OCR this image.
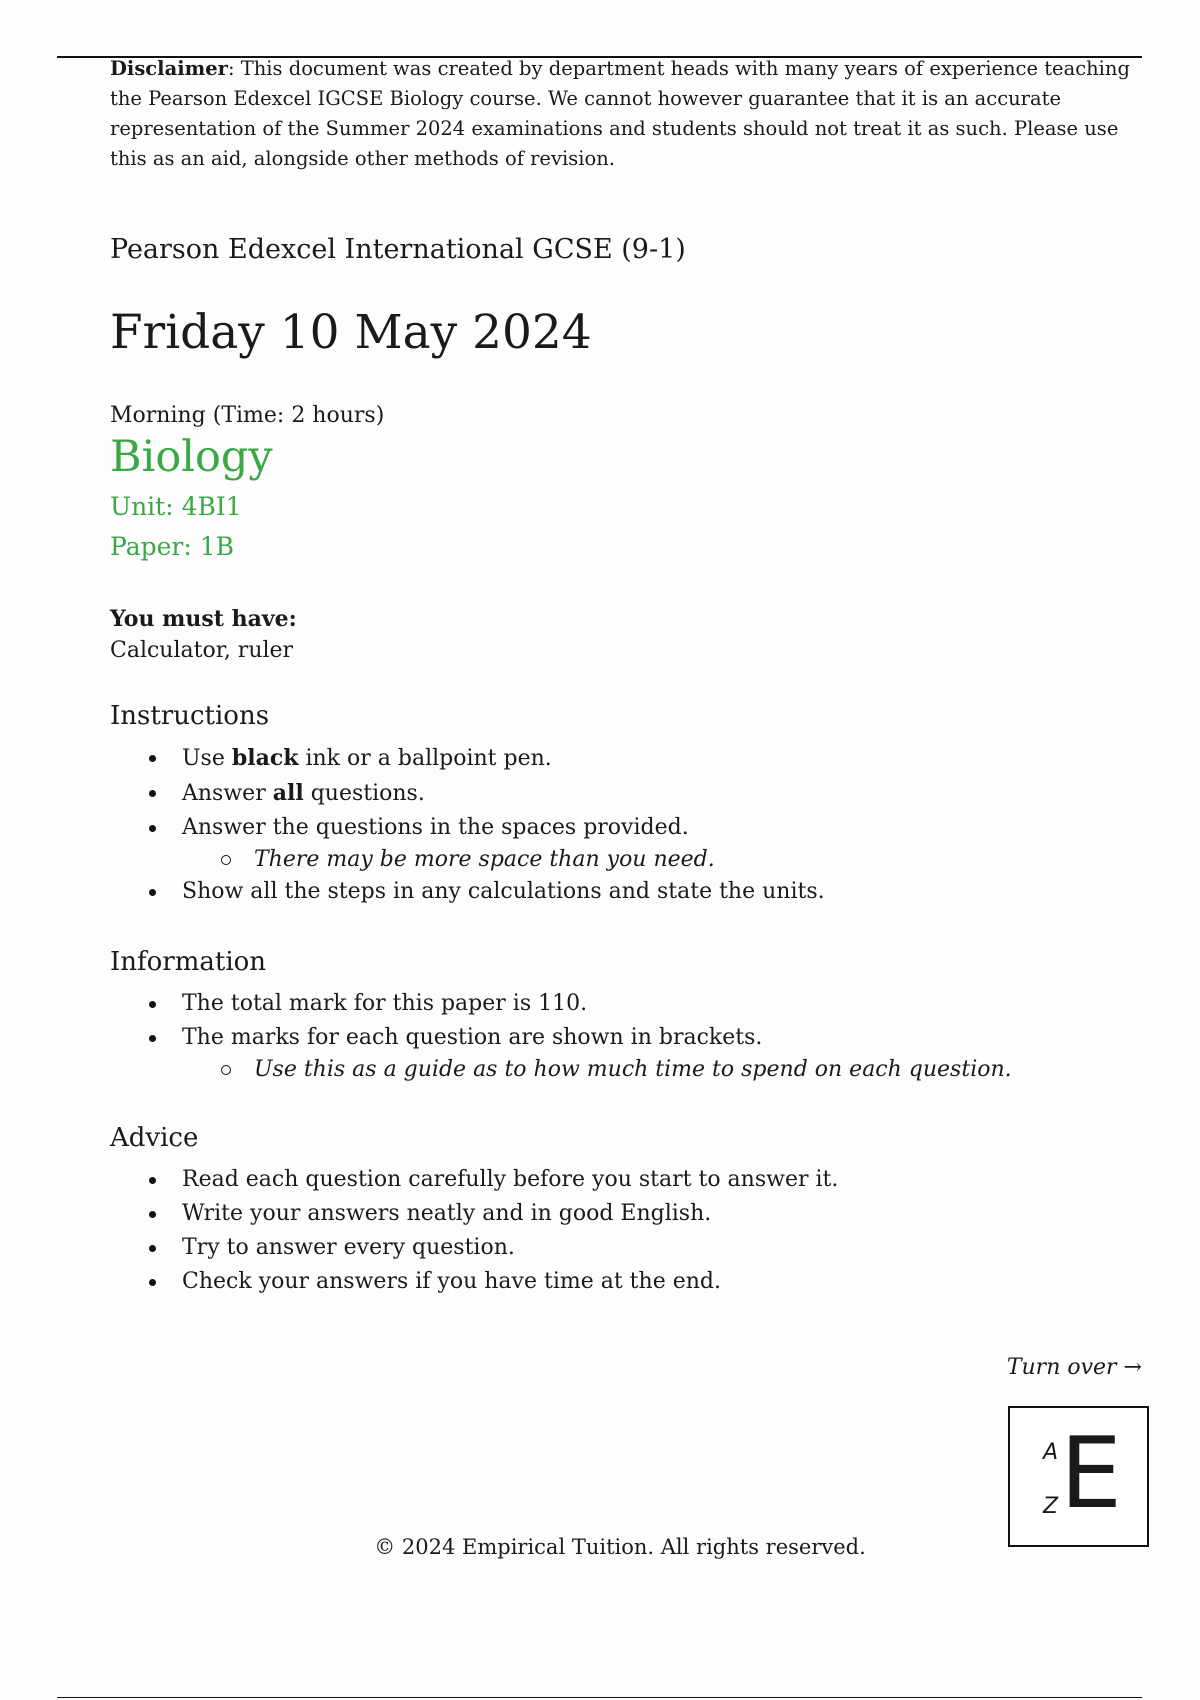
Disclaimer: This document was created by department heads with many years of experience teaching the Pearson Edexcel IGCSE Biology course. We cannot however guarantee that it is an accurate representation of the Summer 2024 examinations and students should not treat it as such. Please use this as an aid, alongside other methods of revision.

Pearson Edexcel International GCSE (9-1)
Friday 10 May 2024
Morning (Time: 2 hours)
Biology
Unit: 4BI1
Paper: 1B
You must have:
Calculator, ruler
Instructions
Use black ink or a ballpoint pen.
Answer all questions.
Answer the questions in the spaces provided.
There may be more space than you need.
Show all the steps in any calculations and state the units.
Information
The total mark for this paper is 110.
The marks for each question are shown in brackets.
Use this as a guide as to how much time to spend on each question.
Advice
Read each question carefully before you start to answer it.
Write your answers neatly and in good English.
Try to answer every question.
Check your answers if you have time at the end.
Turn over →
A
Z E
© 2024 Empirical Tuition. All rights reserved.
